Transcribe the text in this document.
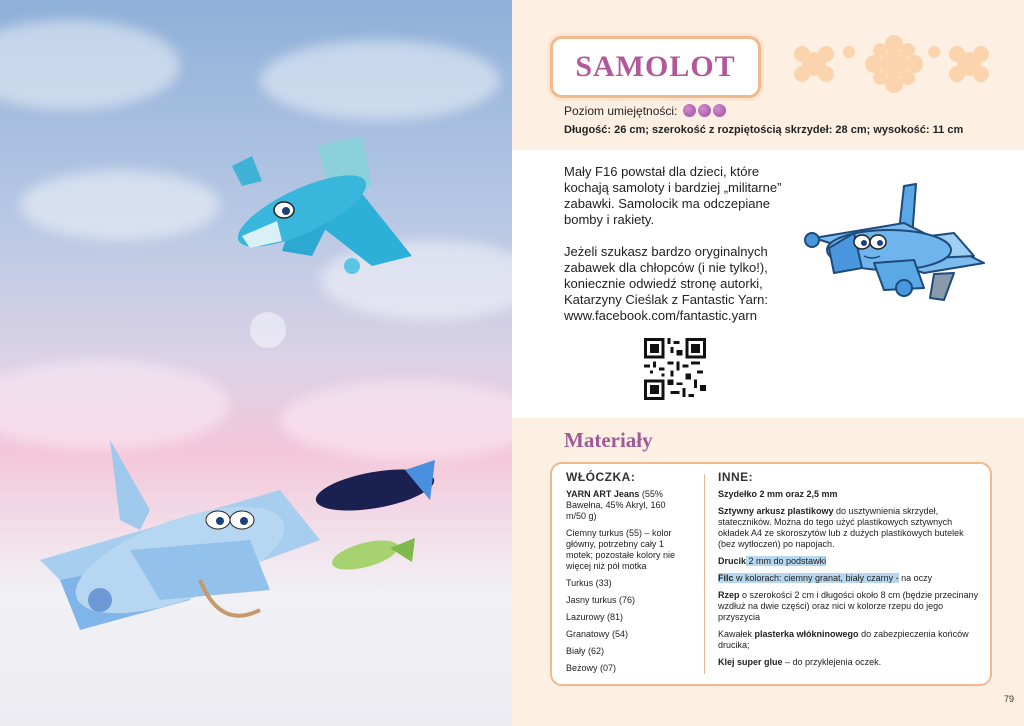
SAMOLOT
Poziom umiejętności:
Długość: 26 cm; szerokość z rozpiętością skrzydeł: 28 cm; wysokość: 11 cm

Mały F16 powstał dla dzieci, które
kochają samoloty i bardziej „militarne”
zabawki. Samolocik ma odczepiane
bomby i rakiety.

Jeżeli szukasz bardzo oryginalnych
zabawek dla chłopców (i nie tylko!),
koniecznie odwiedź stronę autorki,
Katarzyny Cieślak z Fantastic Yarn:
www.facebook.com/fantastic.yarn

Materiały
WŁÓCZKA:
YARN ART Jeans (55% Bawełna, 45% Akryl, 160 m/50 g)
Ciemny turkus (55) – kolor główny, potrzebny cały 1 motek; pozostałe kolory nie więcej niż pół motka
Turkus (33)
Jasny turkus (76)
Lazurowy (81)
Granatowy (54)
Biały (62)
Beżowy (07)
INNE:
Szydełko 2 mm oraz 2,5 mm
Sztywny arkusz plastikowy do usztywnienia skrzydeł, stateczników. Można do tego użyć plastikowych sztywnych okładek A4 ze skoroszytów lub z dużych plastikowych butelek (bez wytłoczeń) po napojach.
Drucik 2 mm do podstawki
Filc w kolorach: ciemny granat, biały czarny - na oczy
Rzep o szerokości 2 cm i długości około 8 cm (będzie przecinany wzdłuż na dwie części) oraz nici w kolorze rzepu do jego przyszycia
Kawałek plasterka włókninowego do zabezpieczenia końców drucika;
Klej super glue – do przyklejenia oczek.
79
